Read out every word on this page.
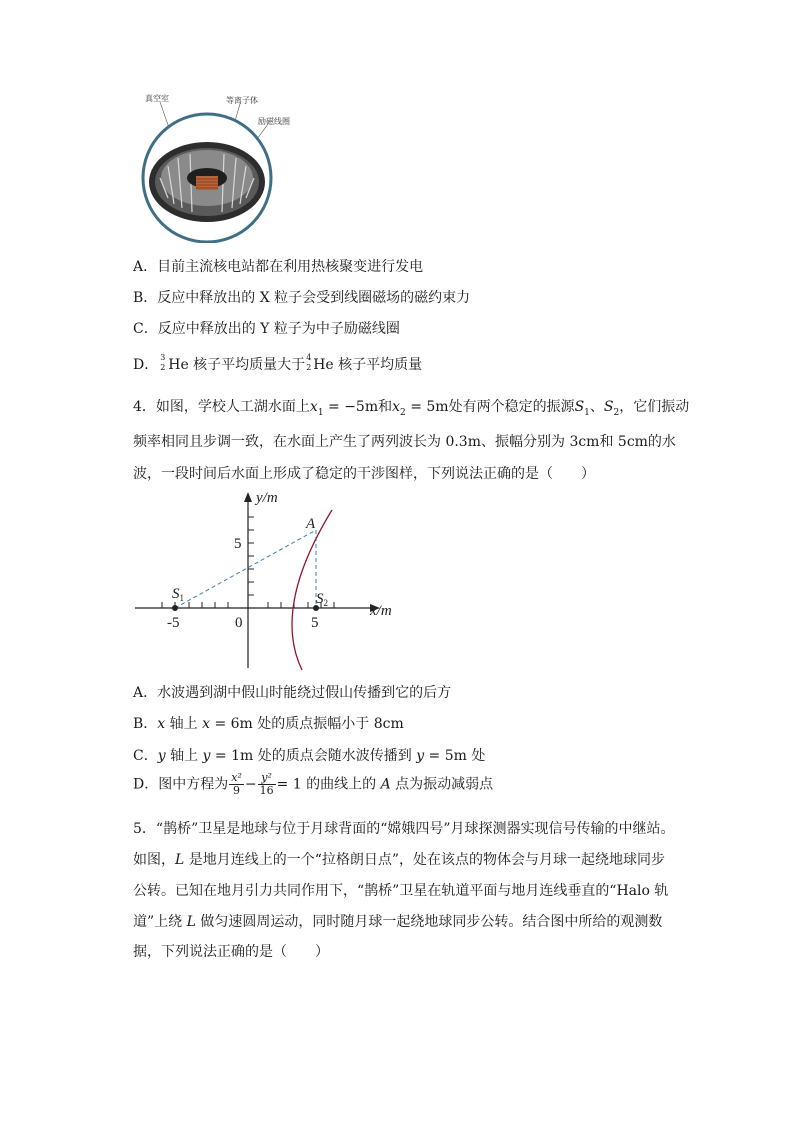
真空室	等离子体
励磁线圈
A．目前主流核电站都在利用热核聚变进行发电
B．反应中释放出的 X 粒子会受到线圈磁场的磁约束力
C．反应中释放出的 Y 粒子为中子励磁线圈
D． 3
2 He 核子平均质量大于 4
2 He 核子平均质量
4．如图，学校人工湖水面上$x_1 = -5m$和$x_2 = 5m$处有两个稳定的振源$S_1$、$S_2$，它们振动
频率相同且步调一致，在水面上产生了两列波长为 0.3m、振幅分别为 3cm和 5cm的水
波，一段时间后水面上形成了稳定的干涉图样，下列说法正确的是（　　）
y/m
x/m
A
$S_1$	$S_2$
-5	0	5
5
A．水波遇到湖中假山时能绕过假山传播到它的后方
B．x 轴上 x = 6m 处的质点振幅小于 8cm
C．y 轴上 y = 1m 处的质点会随水波传播到 y = 5m 处
D．图中方程为 $\frac{\text{x²}}{9} - \frac{\text{y²}}{16} = 1$ 的曲线上的 A 点为振动减弱点
5．“鹊桥”卫星是地球与位于月球背面的“嫦娥四号”月球探测器实现信号传输的中继站。
如图，L 是地月连线上的一个“拉格朗日点”，处在该点的物体会与月球一起绕地球同步
公转。已知在地月引力共同作用下，“鹊桥”卫星在轨道平面与地月连线垂直的“Halo 轨
道”上绕 L 做匀速圆周运动，同时随月球一起绕地球同步公转。结合图中所给的观测数
据，下列说法正确的是（　　）
